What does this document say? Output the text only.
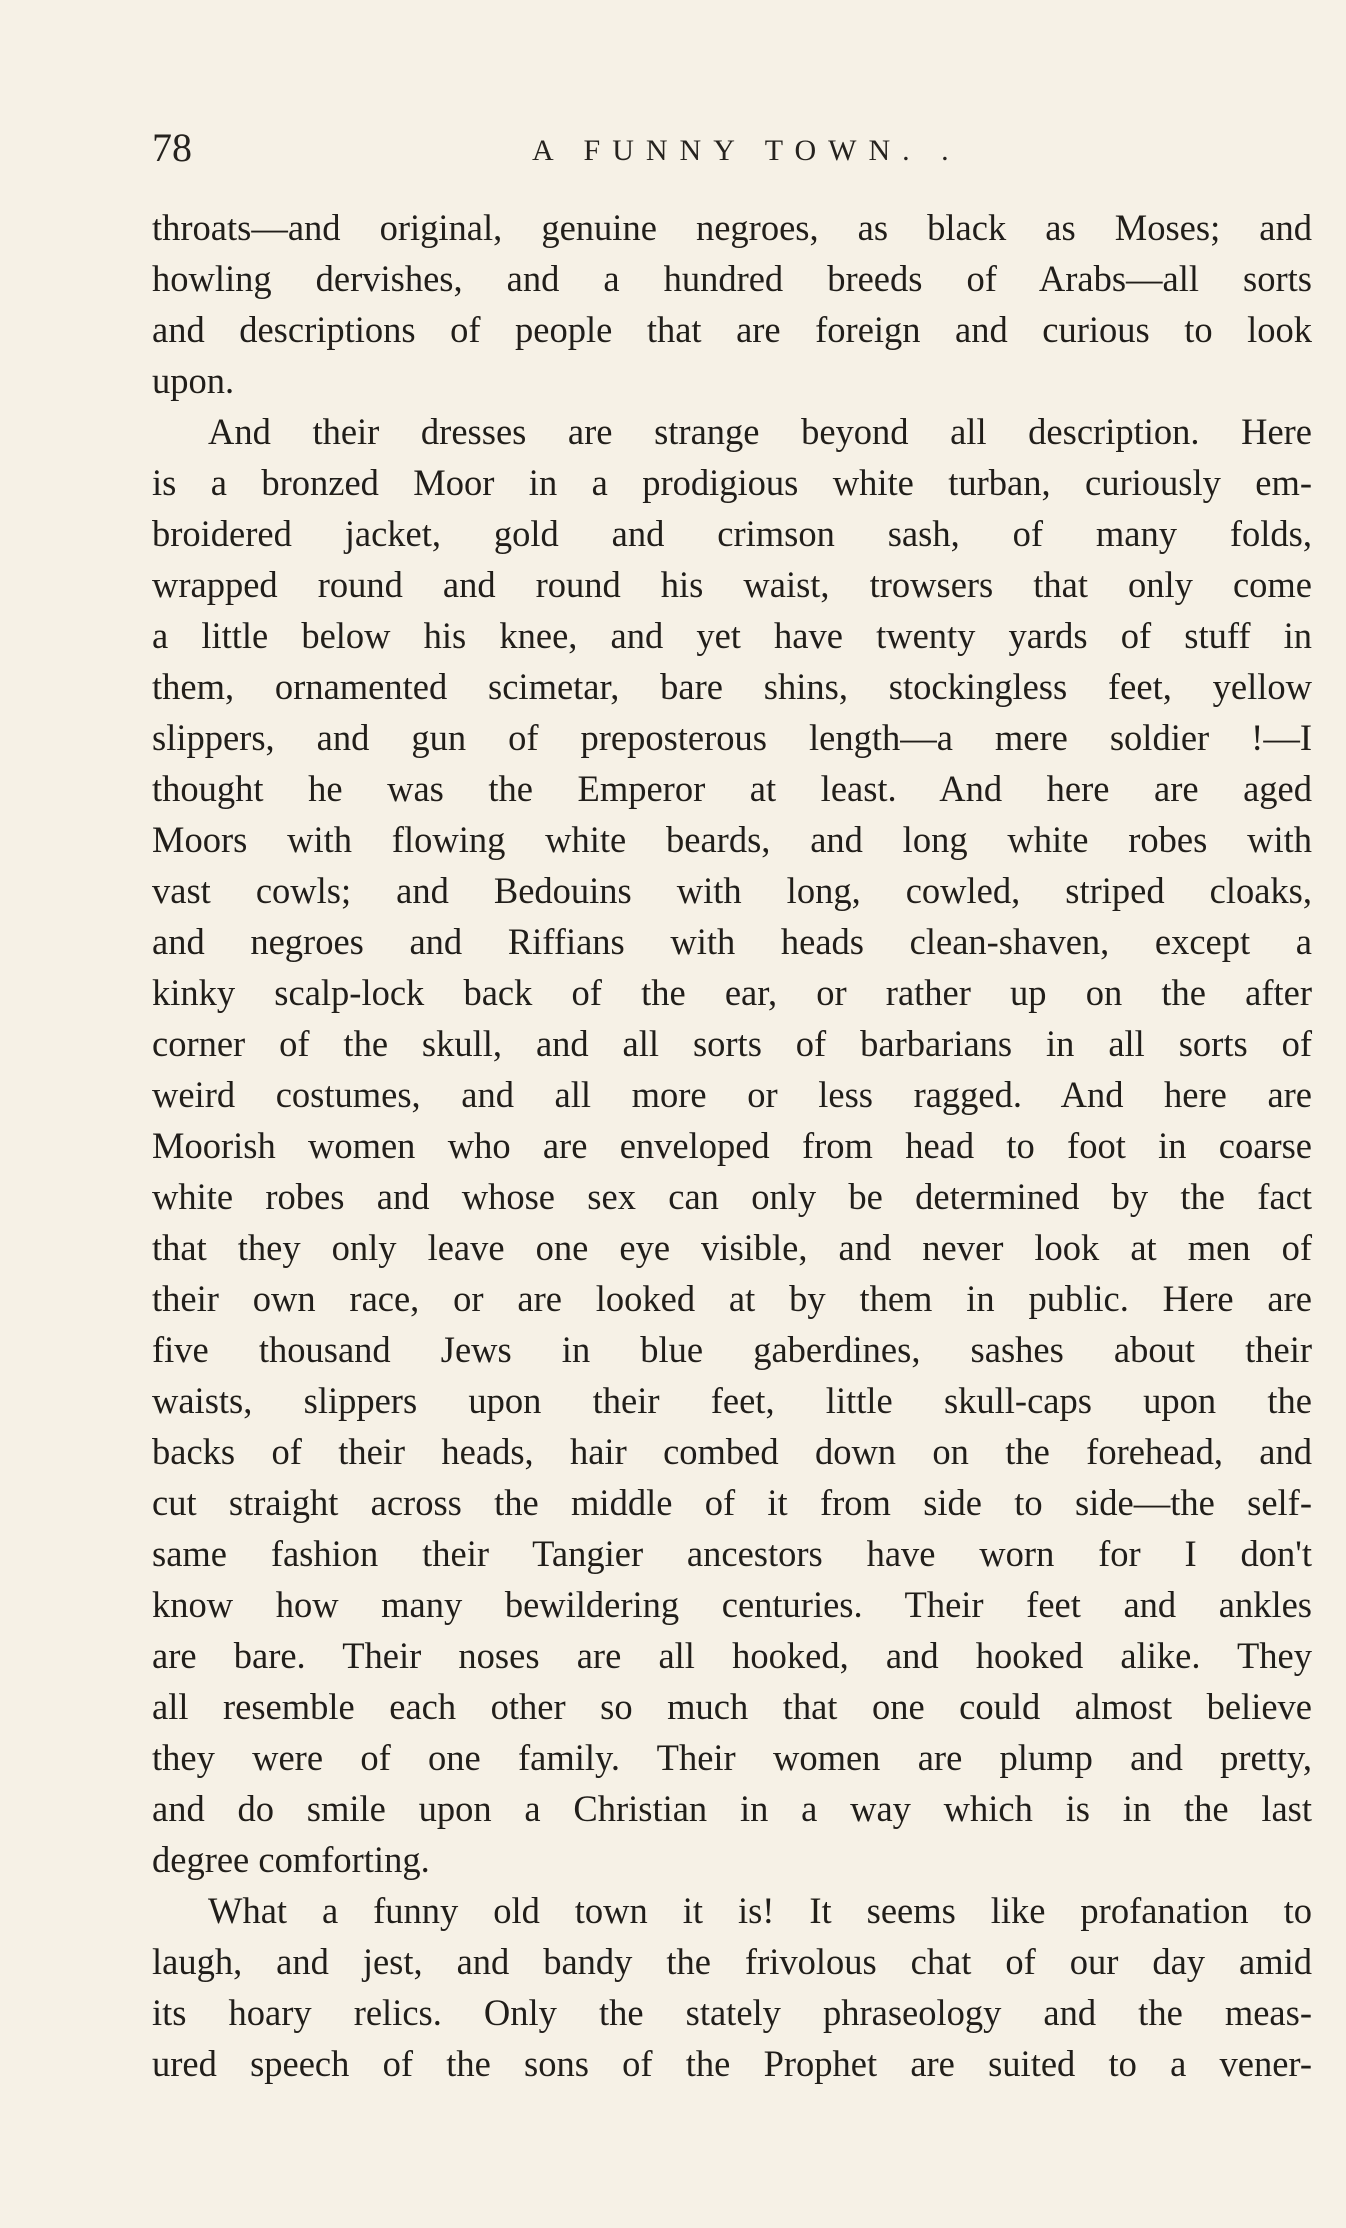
78	A FUNNY TOWN. .
throats—and original, genuine negroes, as black as Moses; and
howling dervishes, and a hundred breeds of Arabs—all sorts
and descriptions of people that are foreign and curious to look
upon.
And their dresses are strange beyond all description. Here
is a bronzed Moor in a prodigious white turban, curiously em-
broidered jacket, gold and crimson sash, of many folds,
wrapped round and round his waist, trowsers that only come
a little below his knee, and yet have twenty yards of stuff in
them, ornamented scimetar, bare shins, stockingless feet, yellow
slippers, and gun of preposterous length—a mere soldier !—I
thought he was the Emperor at least. And here are aged
Moors with flowing white beards, and long white robes with
vast cowls; and Bedouins with long, cowled, striped cloaks,
and negroes and Riffians with heads clean-shaven, except a
kinky scalp-lock back of the ear, or rather up on the after
corner of the skull, and all sorts of barbarians in all sorts of
weird costumes, and all more or less ragged. And here are
Moorish women who are enveloped from head to foot in coarse
white robes and whose sex can only be determined by the fact
that they only leave one eye visible, and never look at men of
their own race, or are looked at by them in public. Here are
five thousand Jews in blue gaberdines, sashes about their
waists, slippers upon their feet, little skull-caps upon the
backs of their heads, hair combed down on the forehead, and
cut straight across the middle of it from side to side—the self-
same fashion their Tangier ancestors have worn for I don't
know how many bewildering centuries. Their feet and ankles
are bare. Their noses are all hooked, and hooked alike. They
all resemble each other so much that one could almost believe
they were of one family. Their women are plump and pretty,
and do smile upon a Christian in a way which is in the last
degree comforting.
What a funny old town it is! It seems like profanation to
laugh, and jest, and bandy the frivolous chat of our day amid
its hoary relics. Only the stately phraseology and the meas-
ured speech of the sons of the Prophet are suited to a vener-
